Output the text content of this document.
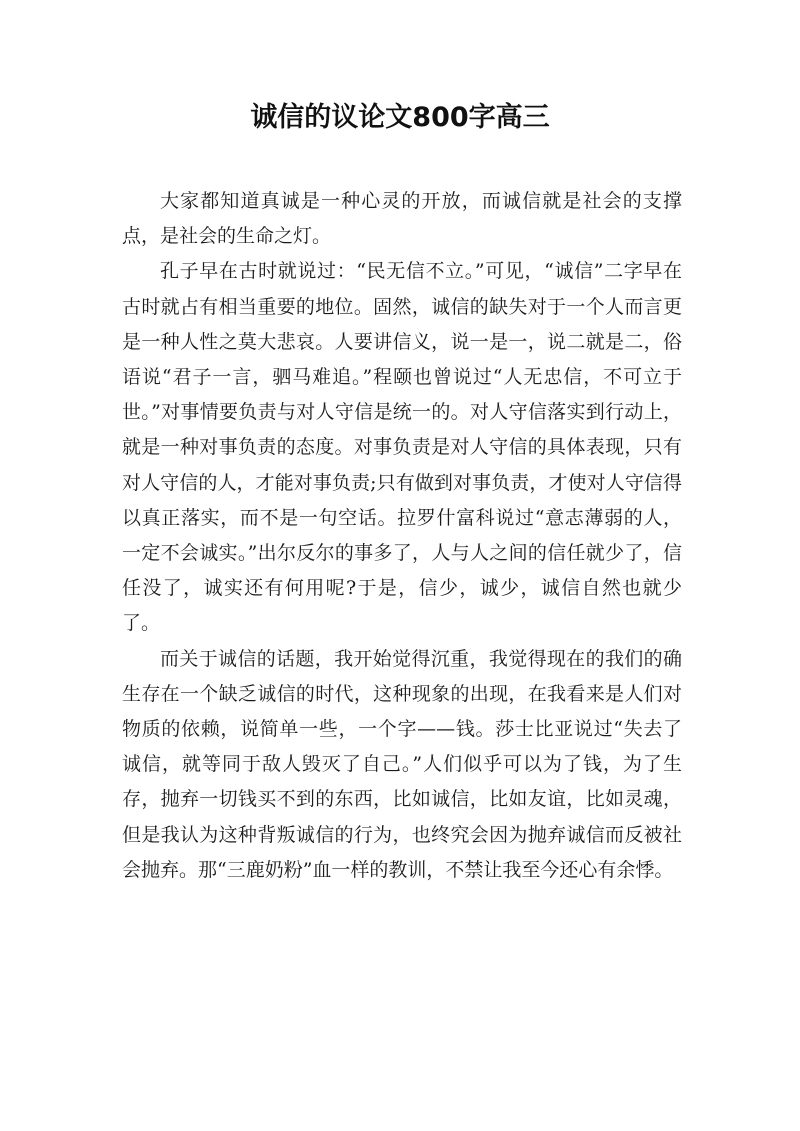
诚信的议论文800字高三

大家都知道真诚是一种心灵的开放，而诚信就是社会的支撑点，是社会的生命之灯。

孔子早在古时就说过：“民无信不立。”可见，“诚信”二字早在古时就占有相当重要的地位。固然，诚信的缺失对于一个人而言更是一种人性之莫大悲哀。人要讲信义，说一是一，说二就是二，俗语说“君子一言，驷马难追。”程颐也曾说过“人无忠信，不可立于世。”对事情要负责与对人守信是统一的。对人守信落实到行动上，就是一种对事负责的态度。对事负责是对人守信的具体表现，只有对人守信的人，才能对事负责;只有做到对事负责，才使对人守信得以真正落实，而不是一句空话。拉罗什富科说过“意志薄弱的人，一定不会诚实。”出尔反尔的事多了，人与人之间的信任就少了，信任没了，诚实还有何用呢?于是，信少，诚少，诚信自然也就少了。

而关于诚信的话题，我开始觉得沉重，我觉得现在的我们的确生存在一个缺乏诚信的时代，这种现象的出现，在我看来是人们对物质的依赖，说简单一些，一个字——钱。莎士比亚说过“失去了诚信，就等同于敌人毁灭了自己。”人们似乎可以为了钱，为了生存，抛弃一切钱买不到的东西，比如诚信，比如友谊，比如灵魂，但是我认为这种背叛诚信的行为，也终究会因为抛弃诚信而反被社会抛弃。那“三鹿奶粉”血一样的教训，不禁让我至今还心有余悸。
